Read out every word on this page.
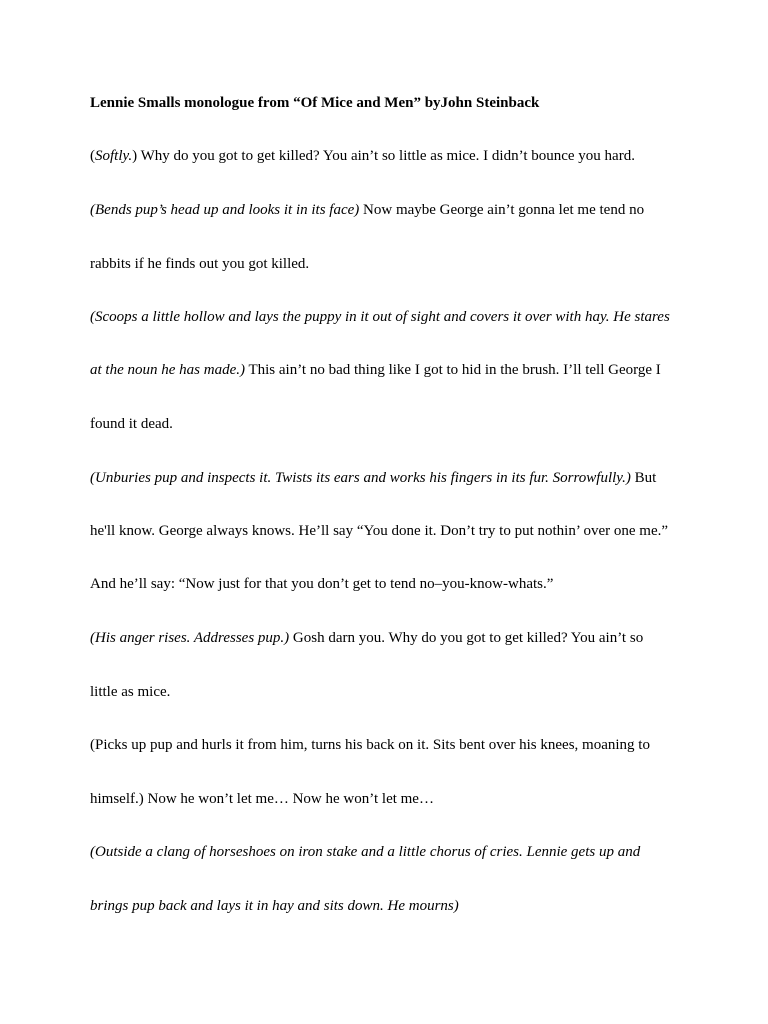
Lennie Smalls monologue from “Of Mice and Men” byJohn Steinback
(Softly.) Why do you got to get killed? You ain’t so little as mice. I didn’t bounce you hard.
(Bends pup’s head up and looks it in its face) Now maybe George ain’t gonna let me tend no
rabbits if he finds out you got killed.
(Scoops a little hollow and lays the puppy in it out of sight and covers it over with hay. He stares
at the noun he has made.) This ain’t no bad thing like I got to hid in the brush. I’ll tell George I
found it dead.
(Unburies pup and inspects it. Twists its ears and works his fingers in its fur. Sorrowfully.) But
he'll know. George always knows. He’ll say “You done it. Don’t try to put nothin’ over one me.”
And he’ll say: “Now just for that you don’t get to tend no–you-know-whats.”
(His anger rises. Addresses pup.) Gosh darn you. Why do you got to get killed? You ain’t so
little as mice.
(Picks up pup and hurls it from him, turns his back on it. Sits bent over his knees, moaning to
himself.) Now he won’t let me… Now he won’t let me…
(Outside a clang of horseshoes on iron stake and a little chorus of cries. Lennie gets up and
brings pup back and lays it in hay and sits down. He mourns)
